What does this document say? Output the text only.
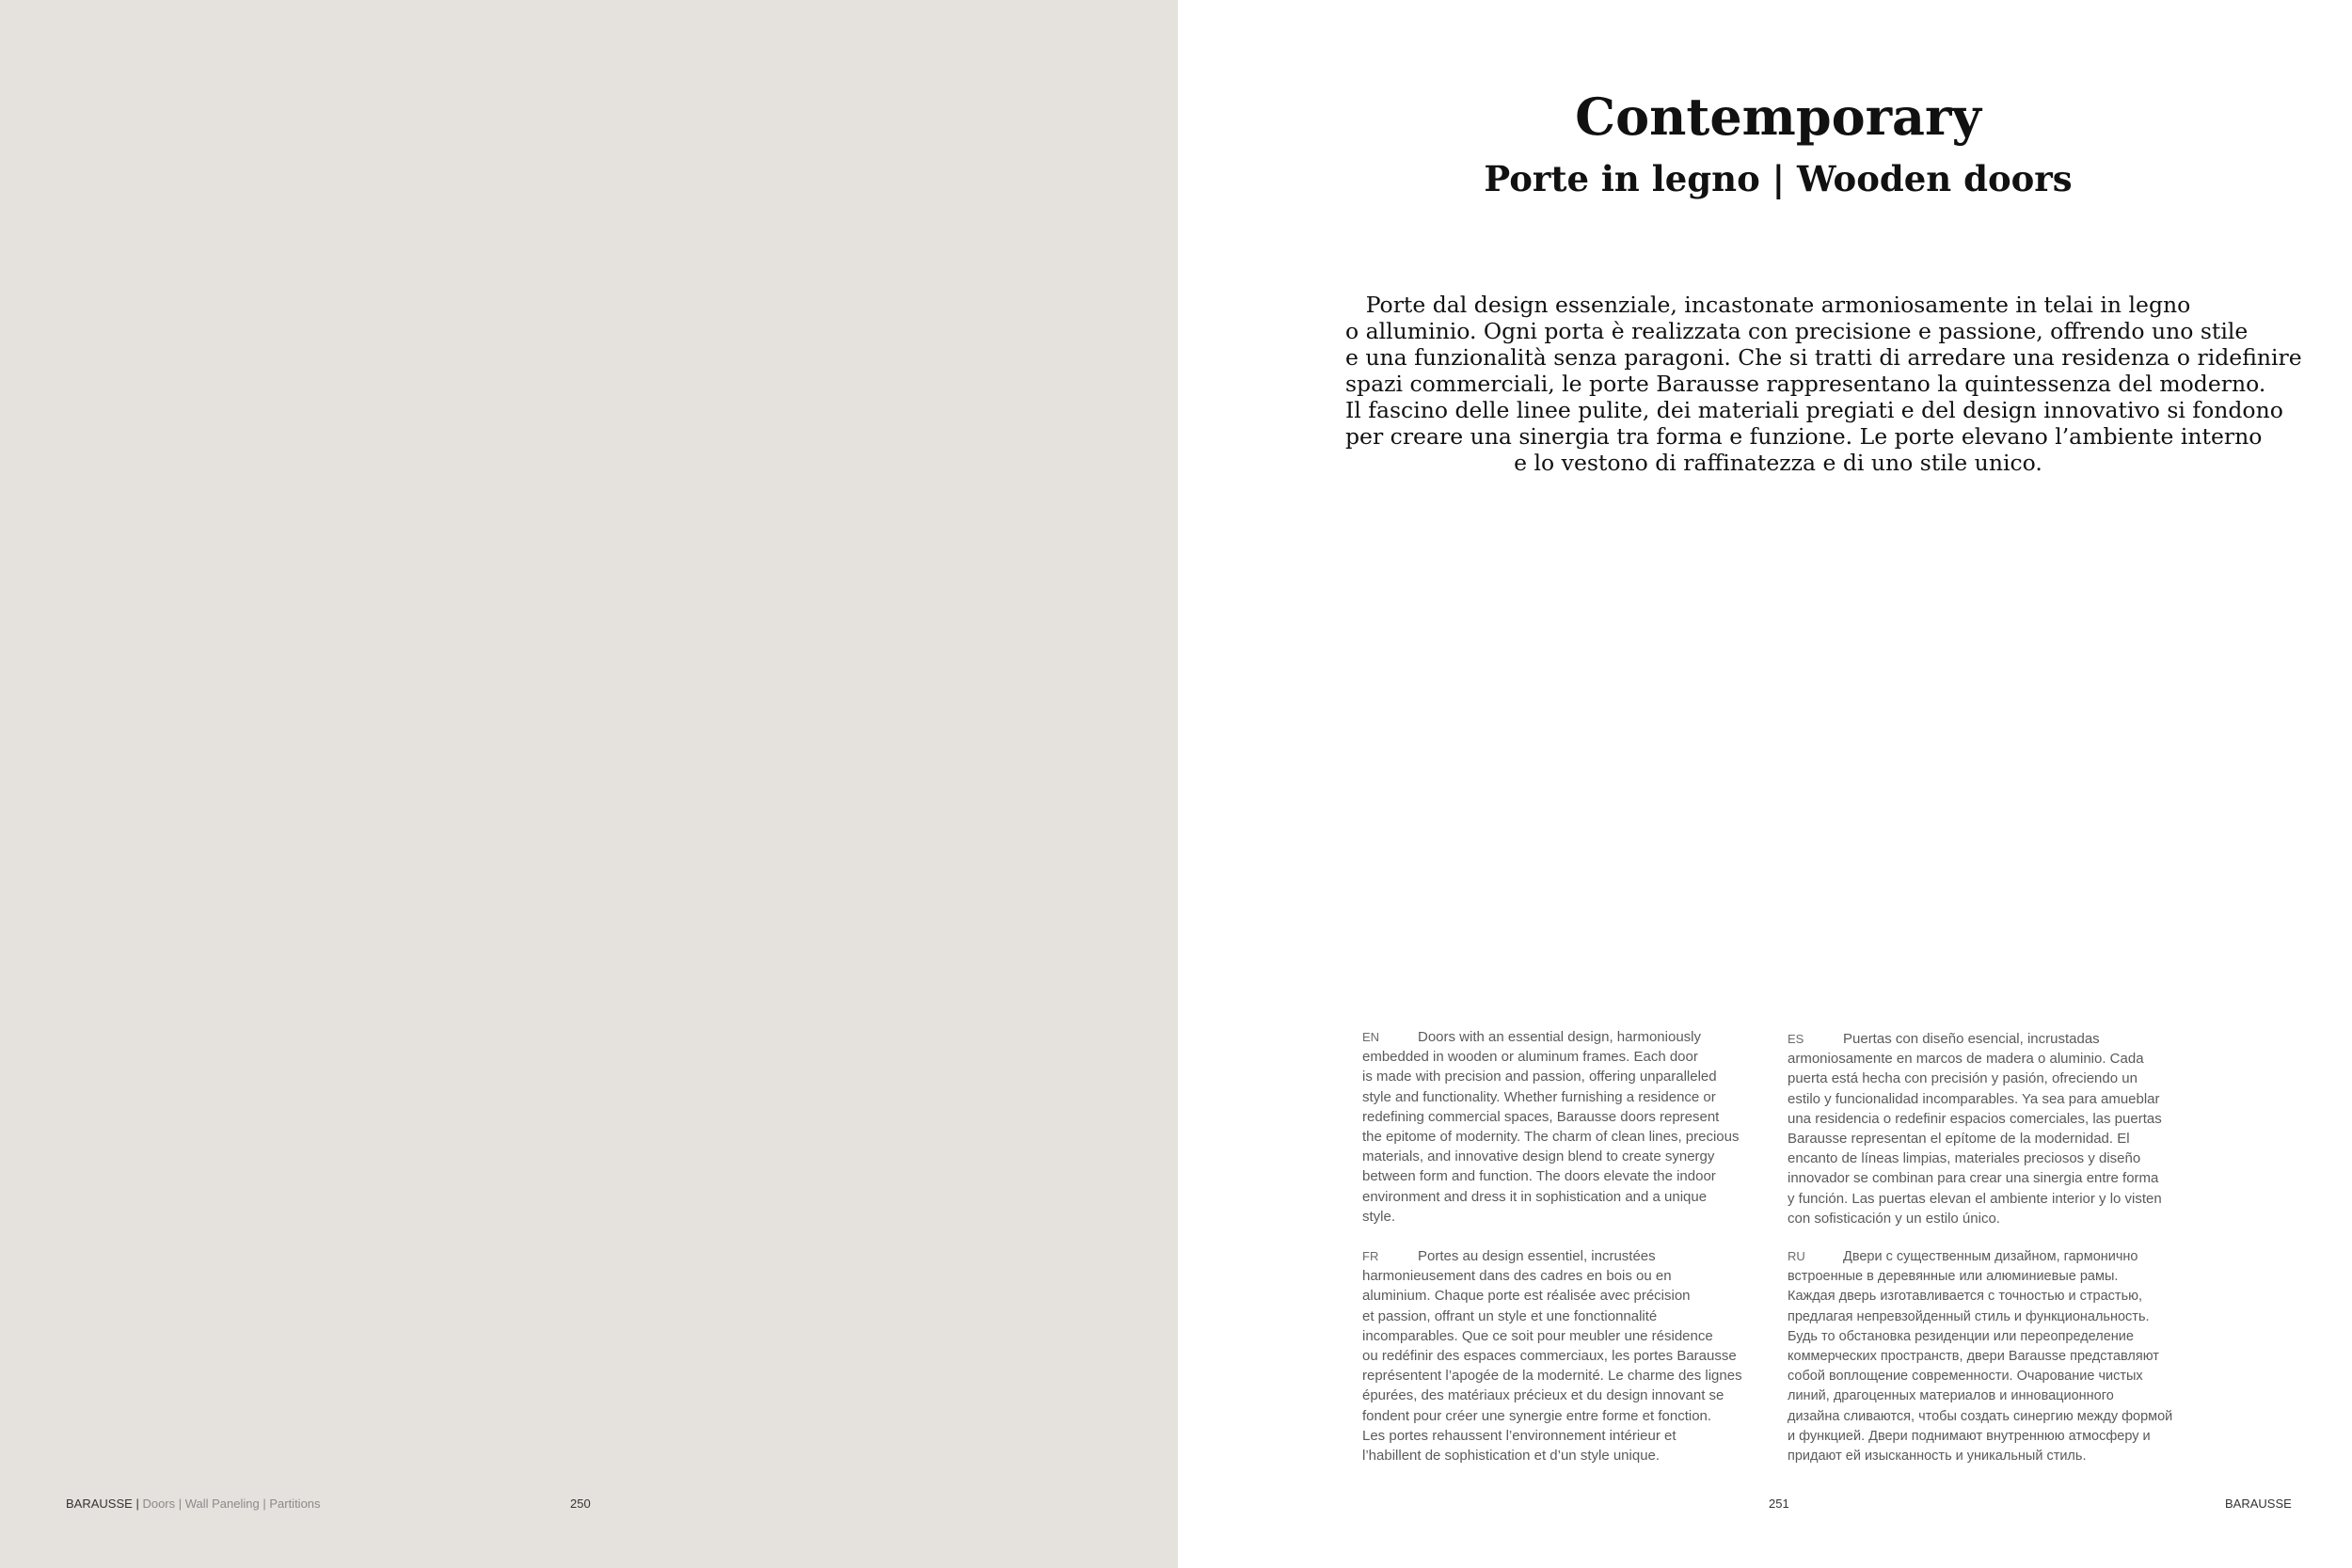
Contemporary
Porte in legno | Wooden doors
Porte dal design essenziale, incastonate armoniosamente in telai in legno
o alluminio. Ogni porta è realizzata con precisione e passione, offrendo uno stile
e una funzionalità senza paragoni. Che si tratti di arredare una residenza o ridefinire
spazi commerciali, le porte Barausse rappresentano la quintessenza del moderno.
Il fascino delle linee pulite, dei materiali pregiati e del design innovativo si fondono
per creare una sinergia tra forma e funzione. Le porte elevano l’ambiente interno
e lo vestono di raffinatezza e di uno stile unico.
EN	Doors with an essential design, harmoniously
embedded in wooden or aluminum frames. Each door
is made with precision and passion, offering unparalleled
style and functionality. Whether furnishing a residence or
redefining commercial spaces, Barausse doors represent
the epitome of modernity. The charm of clean lines, precious
materials, and innovative design blend to create synergy
between form and function. The doors elevate the indoor
environment and dress it in sophistication and a unique
style.
ES	Puertas con diseño esencial, incrustadas
armoniosamente en marcos de madera o aluminio. Cada
puerta está hecha con precisión y pasión, ofreciendo un
estilo y funcionalidad incomparables. Ya sea para amueblar
una residencia o redefinir espacios comerciales, las puertas
Barausse representan el epítome de la modernidad. El
encanto de líneas limpias, materiales preciosos y diseño
innovador se combinan para crear una sinergia entre forma
y función. Las puertas elevan el ambiente interior y lo visten
con sofisticación y un estilo único.
FR	Portes au design essentiel, incrustées
harmonieusement dans des cadres en bois ou en
aluminium. Chaque porte est réalisée avec précision
et passion, offrant un style et une fonctionnalité
incomparables. Que ce soit pour meubler une résidence
ou redéfinir des espaces commerciaux, les portes Barausse
représentent l’apogée de la modernité. Le charme des lignes
épurées, des matériaux précieux et du design innovant se
fondent pour créer une synergie entre forme et fonction.
Les portes rehaussent l’environnement intérieur et
l’habillent de sophistication et d’un style unique.
RU	Двери с существенным дизайном, гармонично
встроенные в деревянные или алюминиевые рамы.
Каждая дверь изготавливается с точностью и страстью,
предлагая непревзойденный стиль и функциональность.
Будь то обстановка резиденции или переопределение
коммерческих пространств, двери Barausse представляют
собой воплощение современности. Очарование чистых
линий, драгоценных материалов и инновационного
дизайна сливаются, чтобы создать синергию между формой
и функцией. Двери поднимают внутреннюю атмосферу и
придают ей изысканность и уникальный стиль.
BARAUSSE | Doors | Wall Paneling | Partitions	250	251	BARAUSSE
